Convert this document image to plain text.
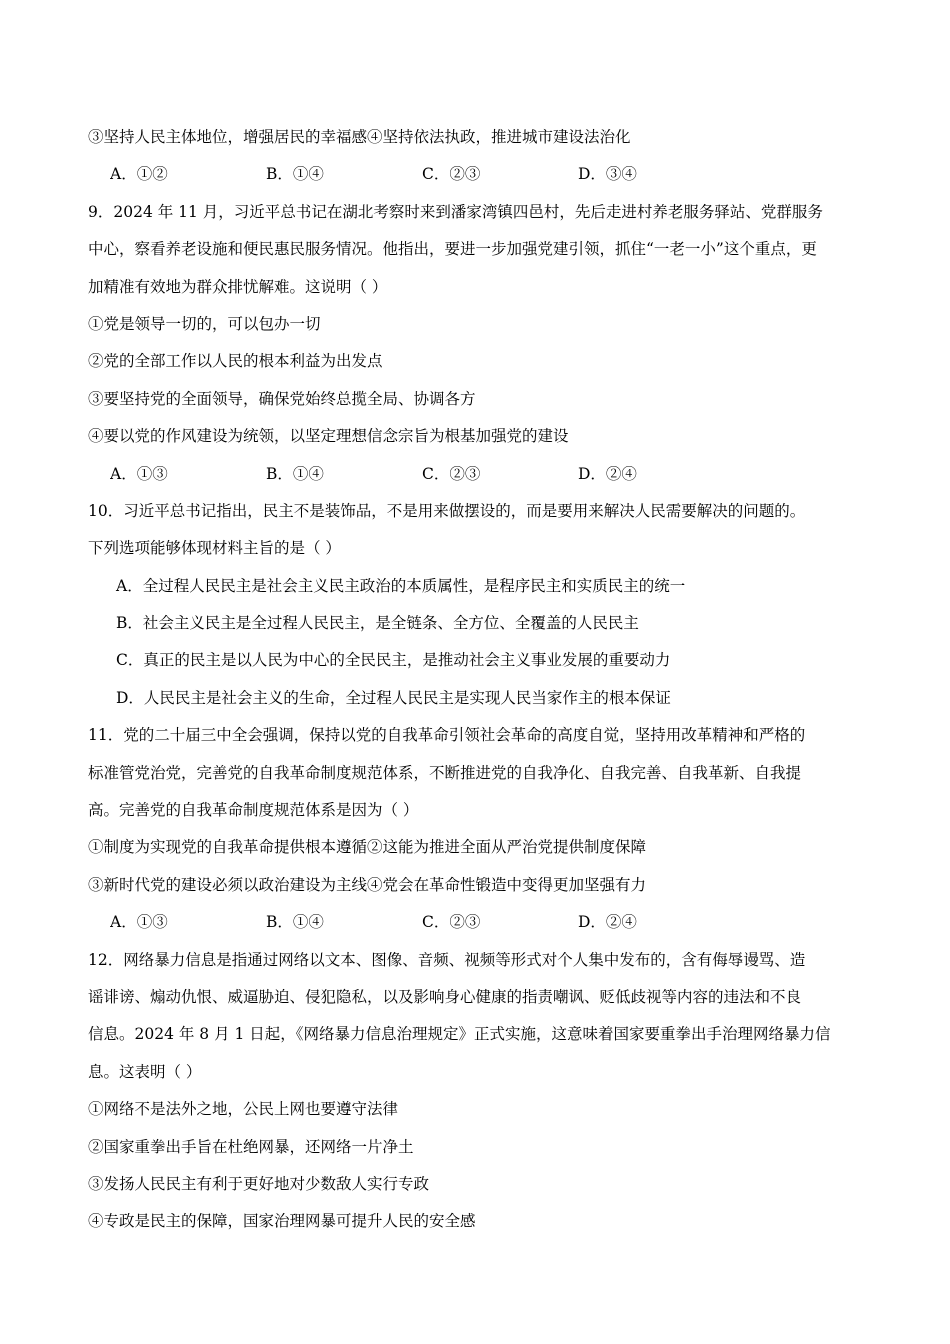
③坚持人民主体地位，增强居民的幸福感④坚持依法执政，推进城市建设法治化
A．①②	B．①④	C．②③	D．③④
9．2024 年 11 月，习近平总书记在湖北考察时来到潘家湾镇四邑村，先后走进村养老服务驿站、党群服务
中心，察看养老设施和便民惠民服务情况。他指出，要进一步加强党建引领，抓住“一老一小”这个重点，更
加精准有效地为群众排忧解难。这说明（ ）
①党是领导一切的，可以包办一切
②党的全部工作以人民的根本利益为出发点
③要坚持党的全面领导，确保党始终总揽全局、协调各方
④要以党的作风建设为统领，以坚定理想信念宗旨为根基加强党的建设
A．①③	B．①④	C．②③	D．②④
10．习近平总书记指出，民主不是装饰品，不是用来做摆设的，而是要用来解决人民需要解决的问题的。
下列选项能够体现材料主旨的是（ ）
A．全过程人民民主是社会主义民主政治的本质属性，是程序民主和实质民主的统一
B．社会主义民主是全过程人民民主，是全链条、全方位、全覆盖的人民民主
C．真正的民主是以人民为中心的全民民主，是推动社会主义事业发展的重要动力
D．人民民主是社会主义的生命，全过程人民民主是实现人民当家作主的根本保证
11．党的二十届三中全会强调，保持以党的自我革命引领社会革命的高度自觉，坚持用改革精神和严格的
标准管党治党，完善党的自我革命制度规范体系，不断推进党的自我净化、自我完善、自我革新、自我提
高。完善党的自我革命制度规范体系是因为（ ）
①制度为实现党的自我革命提供根本遵循②这能为推进全面从严治党提供制度保障
③新时代党的建设必须以政治建设为主线④党会在革命性锻造中变得更加坚强有力
A．①③	B．①④	C．②③	D．②④
12．网络暴力信息是指通过网络以文本、图像、音频、视频等形式对个人集中发布的，含有侮辱谩骂、造
谣诽谤、煽动仇恨、威逼胁迫、侵犯隐私，以及影响身心健康的指责嘲讽、贬低歧视等内容的违法和不良
信息。2024 年 8 月 1 日起，《网络暴力信息治理规定》正式实施，这意味着国家要重拳出手治理网络暴力信
息。这表明（ ）
①网络不是法外之地，公民上网也要遵守法律
②国家重拳出手旨在杜绝网暴，还网络一片净土
③发扬人民民主有利于更好地对少数敌人实行专政
④专政是民主的保障，国家治理网暴可提升人民的安全感
